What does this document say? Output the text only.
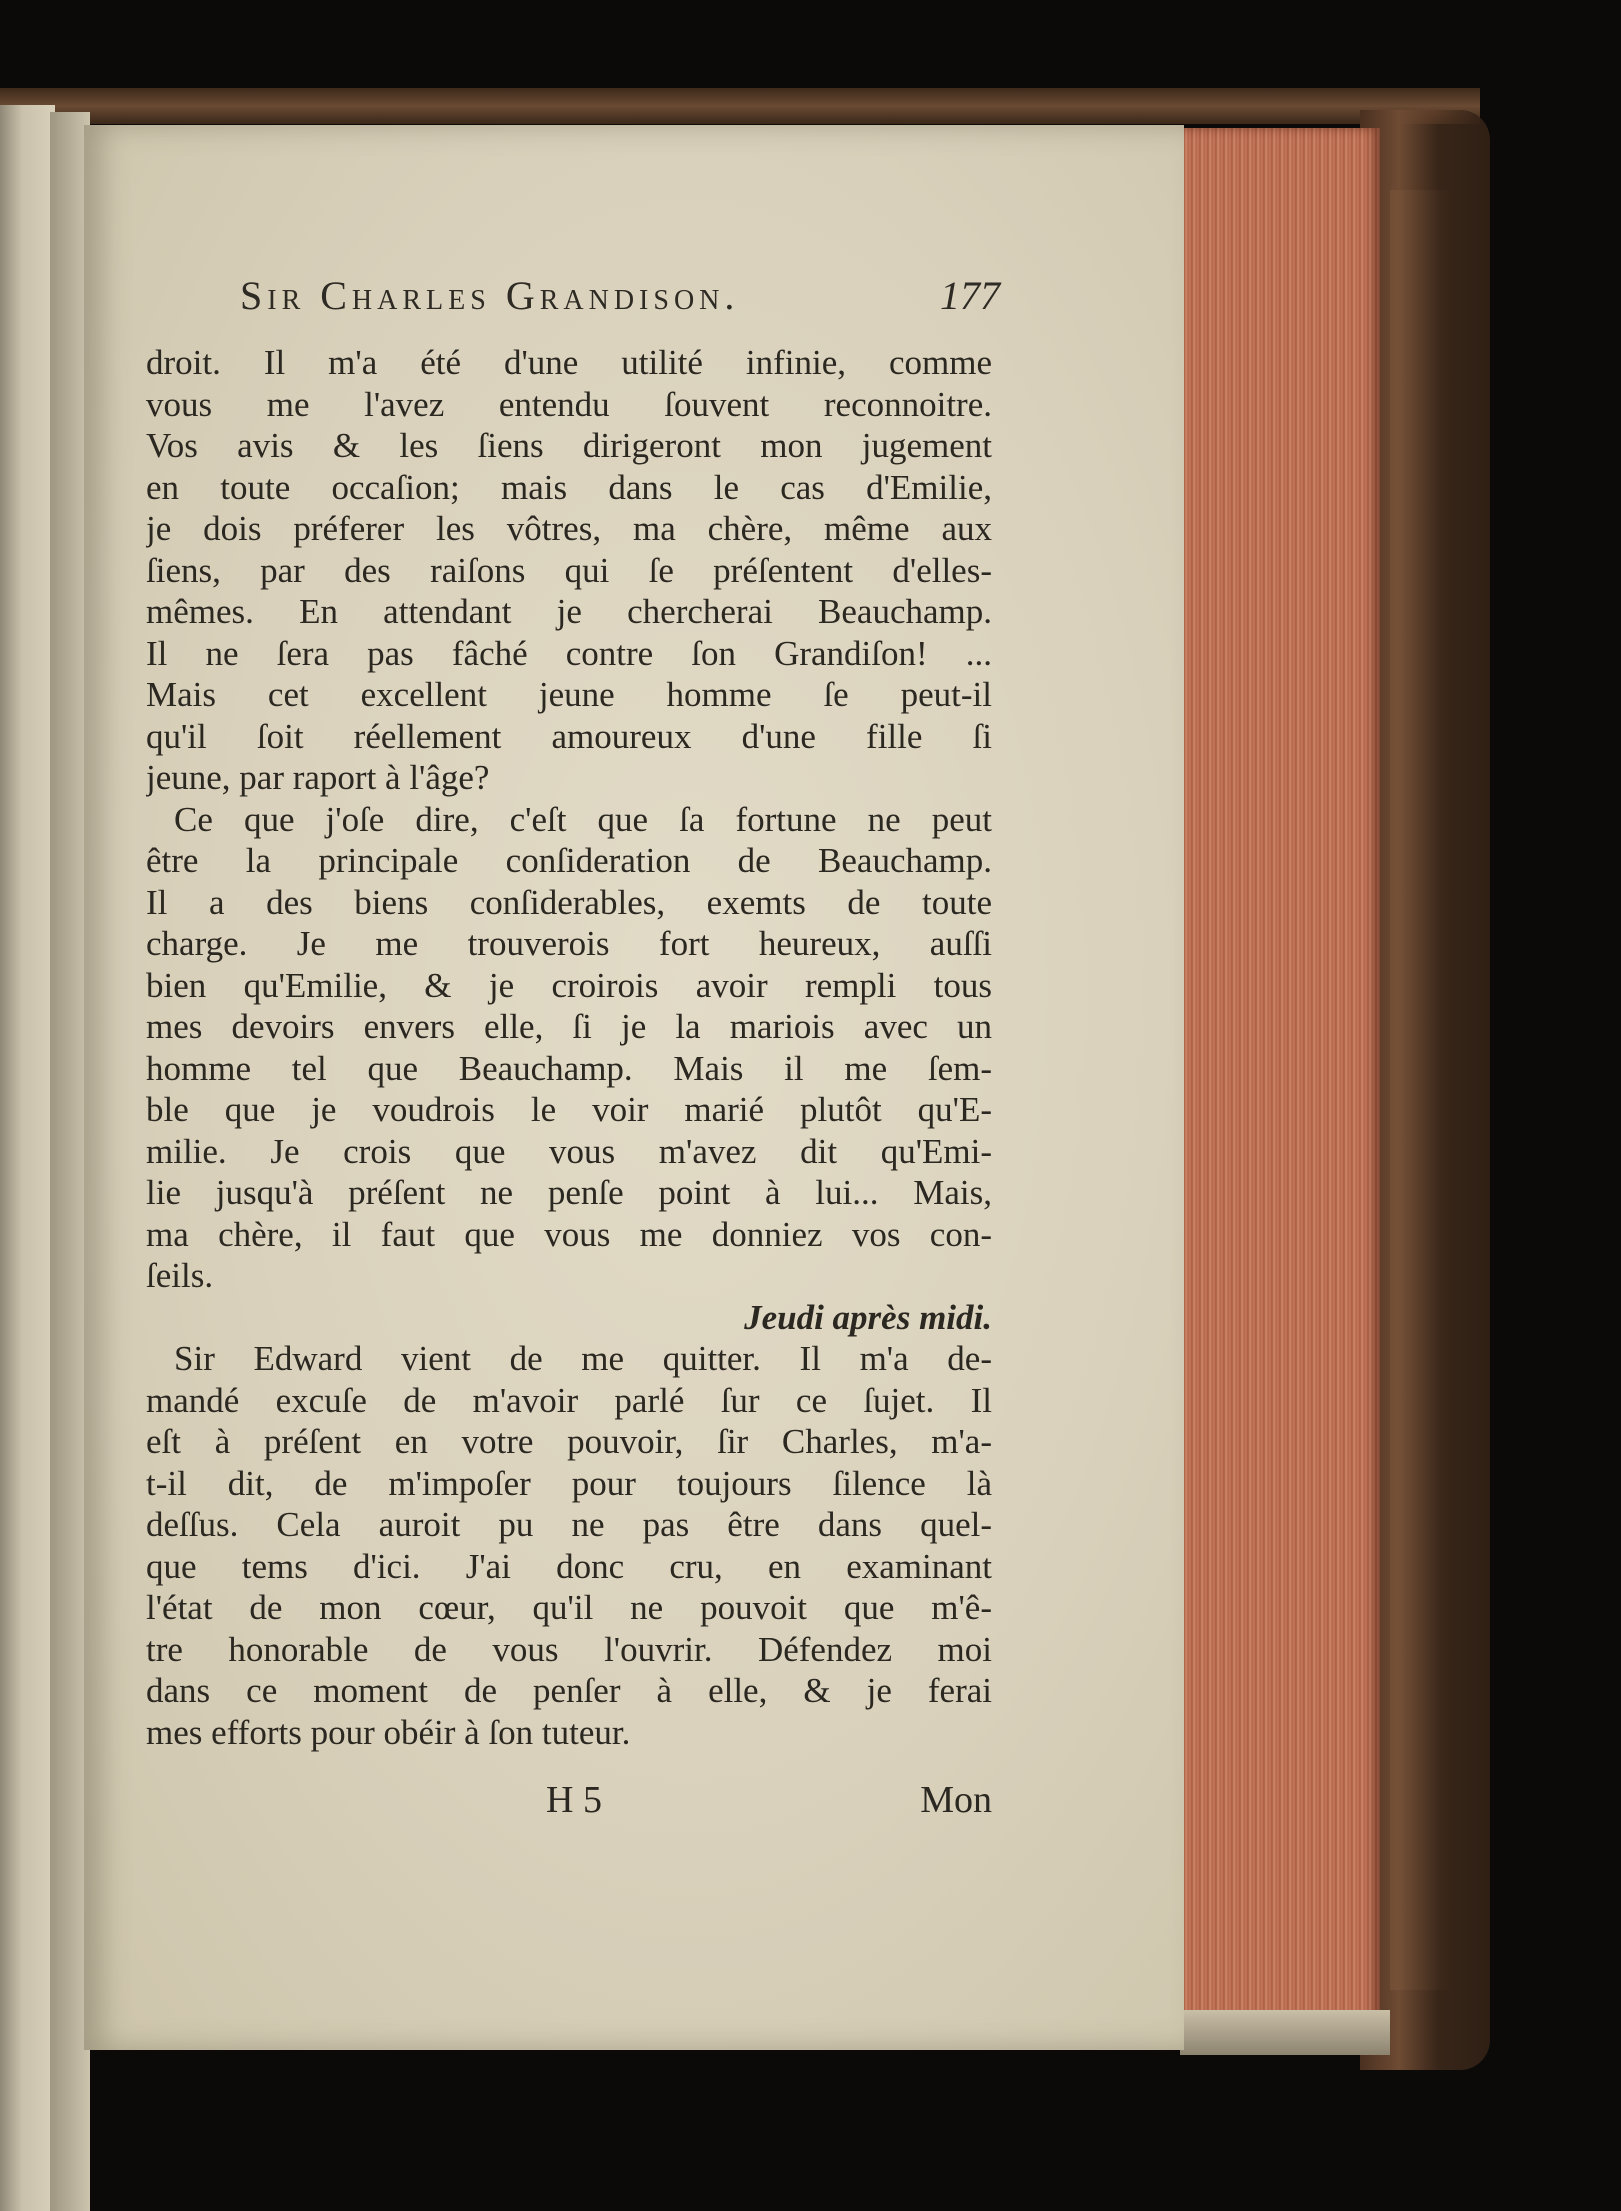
Sir Charles Grandison.	177
droit. Il m'a été d'une utilité infinie, comme
vous me l'avez entendu ſouvent reconnoitre.
Vos avis & les ſiens dirigeront mon jugement
en toute occaſion; mais dans le cas d'Emilie,
je dois préferer les vôtres, ma chère, même aux
ſiens, par des raiſons qui ſe préſentent d'elles-
mêmes. En attendant je chercherai Beauchamp.
Il ne ſera pas fâché contre ſon Grandiſon! ...
Mais cet excellent jeune homme ſe peut-il
qu'il ſoit réellement amoureux d'une fille ſi
jeune, par raport à l'âge?
Ce que j'oſe dire, c'eſt que ſa fortune ne peut
être la principale conſideration de Beauchamp.
Il a des biens conſiderables, exemts de toute
charge. Je me trouverois fort heureux, auſſi
bien qu'Emilie, & je croirois avoir rempli tous
mes devoirs envers elle, ſi je la mariois avec un
homme tel que Beauchamp. Mais il me ſem-
ble que je voudrois le voir marié plutôt qu'E-
milie. Je crois que vous m'avez dit qu'Emi-
lie jusqu'à préſent ne penſe point à lui... Mais,
ma chère, il faut que vous me donniez vos con-
ſeils.
Jeudi après midi.
Sir Edward vient de me quitter. Il m'a de-
mandé excuſe de m'avoir parlé ſur ce ſujet. Il
eſt à préſent en votre pouvoir, ſir Charles, m'a-
t-il dit, de m'impoſer pour toujours ſilence là
deſſus. Cela auroit pu ne pas être dans quel-
que tems d'ici. J'ai donc cru, en examinant
l'état de mon cœur, qu'il ne pouvoit que m'ê-
tre honorable de vous l'ouvrir. Défendez moi
dans ce moment de penſer à elle, & je ferai
mes efforts pour obéir à ſon tuteur.
H 5	Mon
